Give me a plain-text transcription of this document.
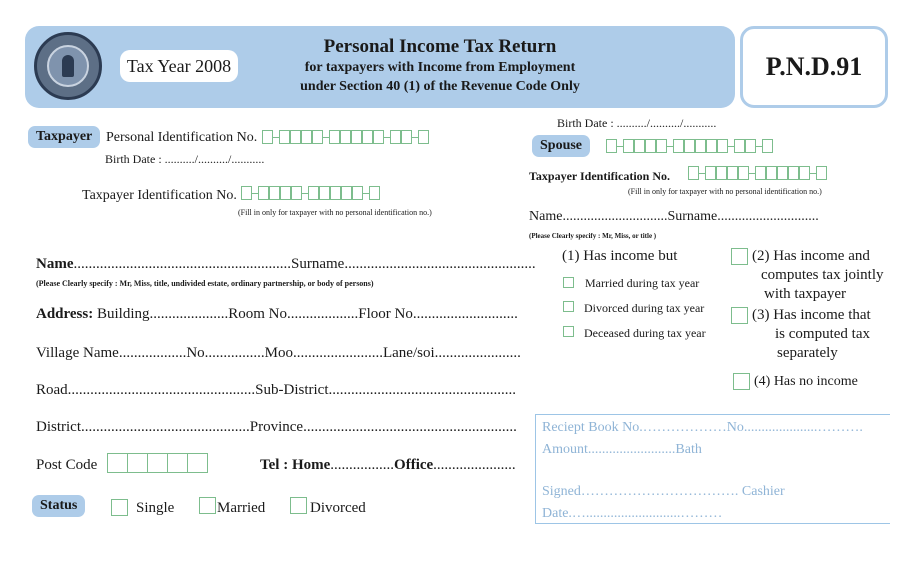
Tax Year 2008
Personal Income Tax Return
for taxpayers with Income from Employment
under Section 40 (1) of the Revenue Code Only
P.N.D.91
Taxpayer Personal Identification No.
Birth Date : ........../........../...........
Taxpayer Identification No.
(Fill in only for taxpayer with no personal identification no.)
Name..........................................................Surname...................................................
(Please Clearly specify : Mr, Miss, title, undivided estate, ordinary partnership, or body of persons)
Address: Building.....................Room No...................Floor No............................
Village Name..................No................Moo........................Lane/soi.......................
Road..................................................Sub-District..................................................
District.............................................Province.........................................................
Post Code	Tel : Home.................Office......................
Status	Single	Married	Divorced
Birth Date : ........../........../...........
Spouse
Taxpayer Identification No.
(Fill in only for taxpayer with no personal identification no.)
Name..............................Surname.............................
(Please Clearly specify : Mr, Miss, or title )
(1) Has income but
Married during tax year
Divorced during tax year
Deceased during tax year
(2) Has income and
computes tax jointly
with taxpayer
(3) Has income that
is computed tax
separately
(4) Has no income
Reciept Book No.………………No.....................……….
Amount.........................Bath
Signed……………………………. Cashier
Date.…...........................………
